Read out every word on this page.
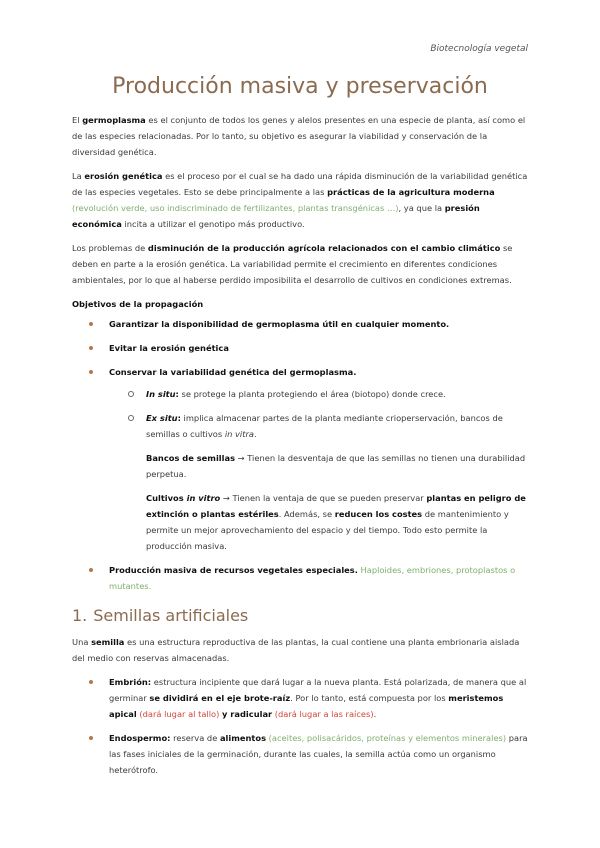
Biotecnología vegetal
Producción masiva y preservación

El germoplasma es el conjunto de todos los genes y alelos presentes en una especie de planta, así como el de las especies relacionadas. Por lo tanto, su objetivo es asegurar la viabilidad y conservación de la diversidad genética.

La erosión genética es el proceso por el cual se ha dado una rápida disminución de la variabilidad genética de las especies vegetales. Esto se debe principalmente a las prácticas de la agricultura moderna (revolución verde, uso indiscriminado de fertilizantes, plantas transgénicas …), ya que la presión económica incita a utilizar el genotipo más productivo.

Los problemas de disminución de la producción agrícola relacionados con el cambio climático se deben en parte a la erosión genética. La variabilidad permite el crecimiento en diferentes condiciones ambientales, por lo que al haberse perdido imposibilita el desarrollo de cultivos en condiciones extremas.

Objetivos de la propagación
Garantizar la disponibilidad de germoplasma útil en cualquier momento.
Evitar la erosión genética
Conservar la variabilidad genética del germoplasma.
In situ: se protege la planta protegiendo el área (biotopo) donde crece.
Ex situ: implica almacenar partes de la planta mediante crioperservación, bancos de semillas o cultivos in vitra.
Bancos de semillas → Tienen la desventaja de que las semillas no tienen una durabilidad perpetua.
Cultivos in vitro → Tienen la ventaja de que se pueden preservar plantas en peligro de extinción o plantas estériles. Además, se reducen los costes de mantenimiento y permite un mejor aprovechamiento del espacio y del tiempo. Todo esto permite la producción masiva.
Producción masiva de recursos vegetales especiales. Haploides, embriones, protoplastos o mutantes.
1. Semillas artificiales

Una semilla es una estructura reproductiva de las plantas, la cual contiene una planta embrionaria aislada del medio con reservas almacenadas.

Embrión: estructura incipiente que dará lugar a la nueva planta. Está polarizada, de manera que al germinar se dividirá en el eje brote-raíz. Por lo tanto, está compuesta por los meristemos apical (dará lugar al tallo) y radicular (dará lugar a las raíces).
Endospermo: reserva de alimentos (aceites, polisacáridos, proteínas y elementos minerales) para las fases iniciales de la germinación, durante las cuales, la semilla actúa como un organismo heterótrofo.
